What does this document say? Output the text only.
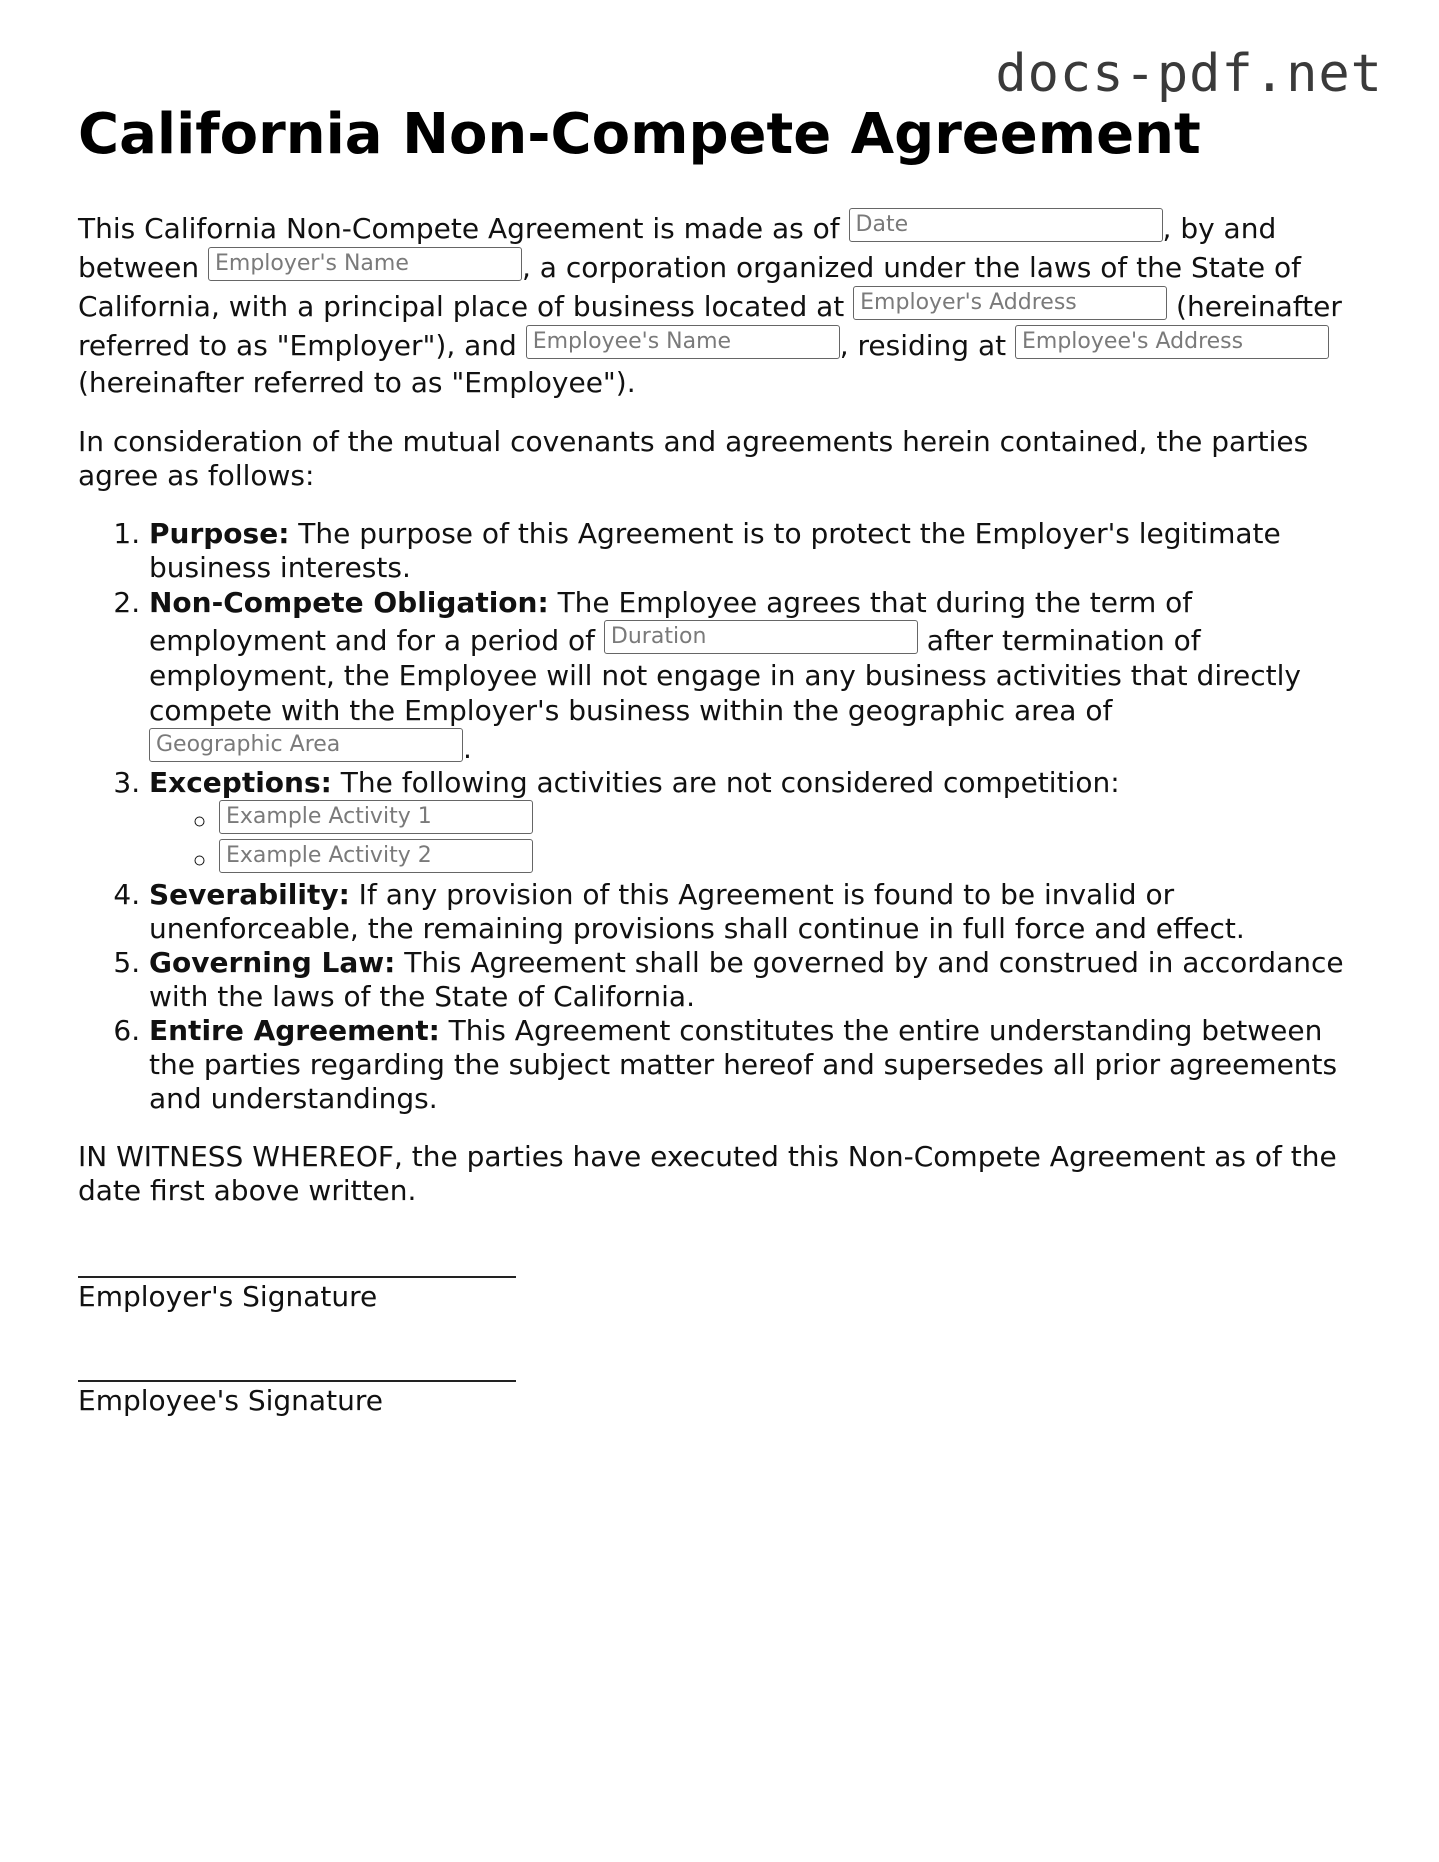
docs-pdf.net
California Non-Compete Agreement

This California Non-Compete Agreement is made as of Date	, by and between Employer's Name	, a corporation organized under the laws of the State of California, with a principal place of business located at Employer's Address	(hereinafter referred to as "Employer"), and Employee's Name	, residing at Employee's Address (hereinafter referred to as "Employee").

In consideration of the mutual covenants and agreements herein contained, the parties agree as follows:

1. Purpose: The purpose of this Agreement is to protect the Employer's legitimate business interests.
2. Non-Compete Obligation: The Employee agrees that during the term of employment and for a period of Duration	after termination of employment, the Employee will not engage in any business activities that directly compete with the Employer's business within the geographic area of Geographic Area	.
3. Exceptions: The following activities are not considered competition:
◦ Example Activity 1
◦ Example Activity 2
4. Severability: If any provision of this Agreement is found to be invalid or unenforceable, the remaining provisions shall continue in full force and effect.
5. Governing Law: This Agreement shall be governed by and construed in accordance with the laws of the State of California.
6. Entire Agreement: This Agreement constitutes the entire understanding between the parties regarding the subject matter hereof and supersedes all prior agreements and understandings.

IN WITNESS WHEREOF, the parties have executed this Non-Compete Agreement as of the date first above written.

Employer's Signature
Employee's Signature
